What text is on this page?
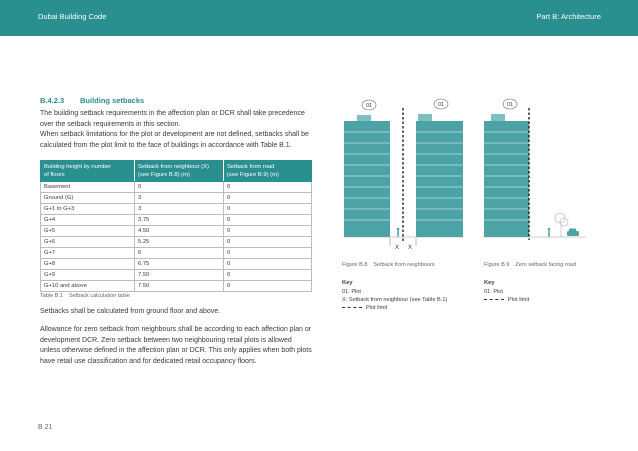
Dubai Building Code	Part B: Architecture
B.4.2.3 Building setbacks

The building setback requirements in the affection plan or DCR shall take precedence over the setback requirements in this section.

When setback limitations for the plot or development are not defined, setbacks shall be calculated from the plot limit to the face of buildings in accordance with Table B.1.

Building height by number
of floors	Setback from neighbour (X)
(see Figure B.8) (m)	Setback from road
(see Figure B.9) (m)
Basement	0	0
Ground (G)	3	0
G+1 to G+3	3	0
G+4	3.75	0
G+5	4.50	0
G+6	5.25	0
G+7	6	0
G+8	6.75	0
G+9	7.50	0
G+10 and above	7.50	0
Table B.1 Setback calculation table

Setbacks shall be calculated from ground floor and above.

Allowance for zero setback from neighbours shall be according to each affection plan or development DCR. Zero setback between two neighbouring retail plots is allowed unless otherwise defined in the affection plan or DCR. This only applies when both plots have retail use classification and for dedicated retail occupancy floors.

X X
01	01	01
Figure B.8 Setback from neighbours
Key
01: Plot
X: Setback from neighbour (see Table B.1)
Plot limit
Figure B.9 Zero setback facing road
Key
01: Plot
Plot limit
B 21
